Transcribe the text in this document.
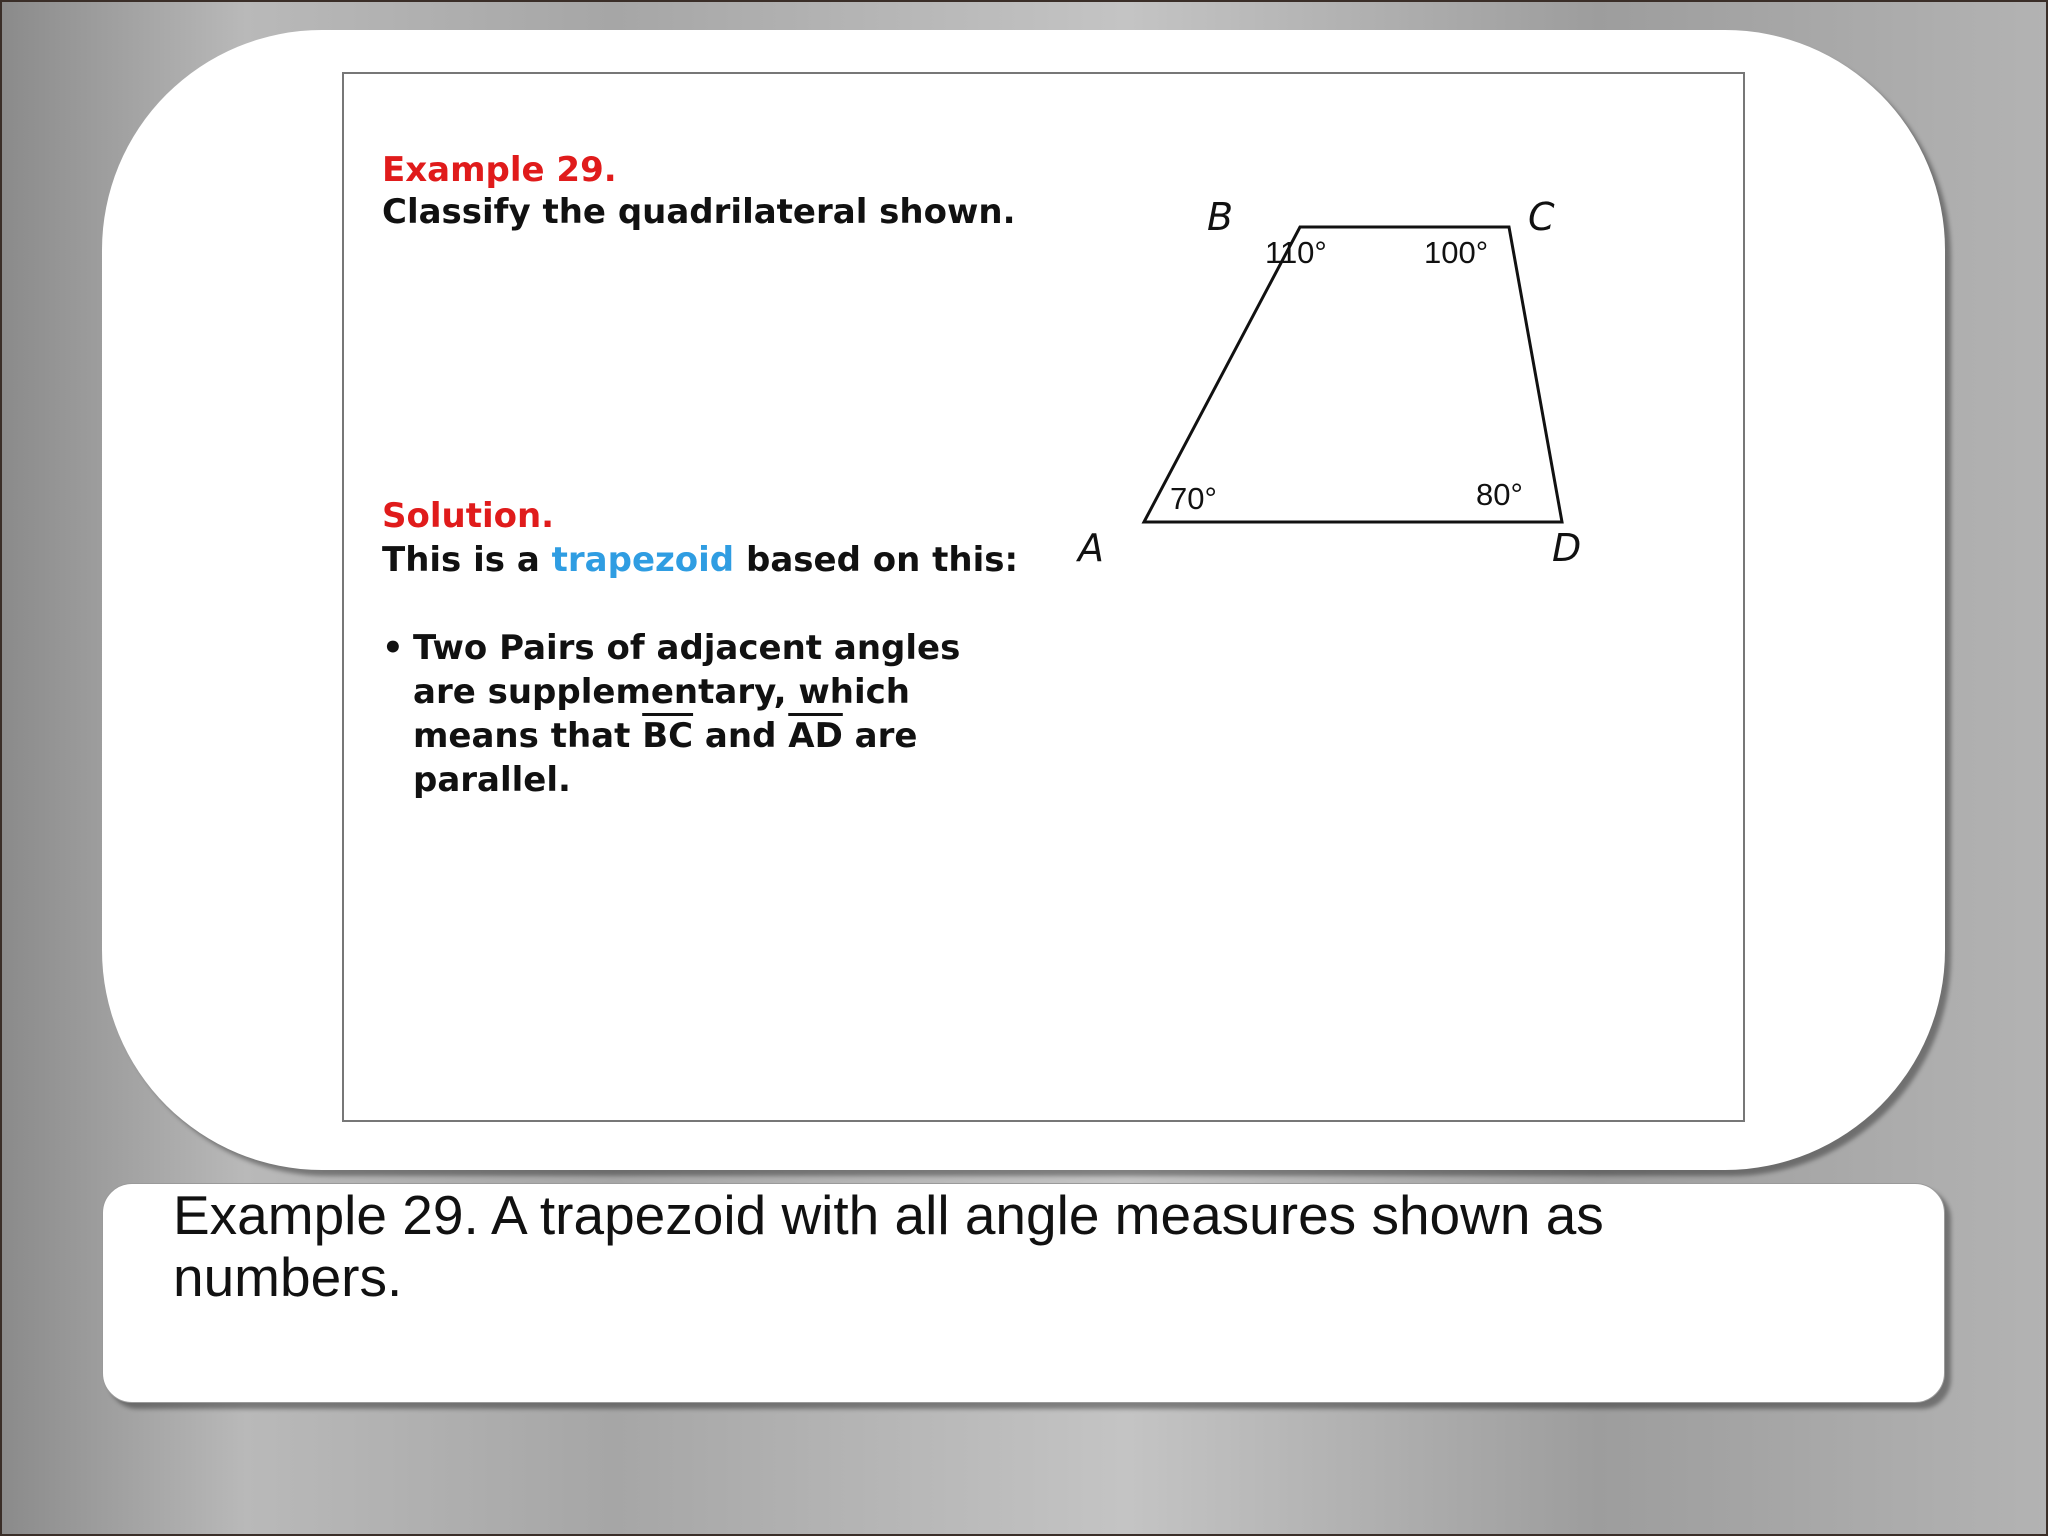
Example 29.

Classify the quadrilateral shown.

Solution.

This is a trapezoid based on this:

• Two Pairs of adjacent angles are supplementary, which means that $\overline{BC}$ and $\overline{AD}$ are parallel.
B	C
A	D
110°	100°
70°	80°

Example 29. A trapezoid with all angle measures shown as numbers.
